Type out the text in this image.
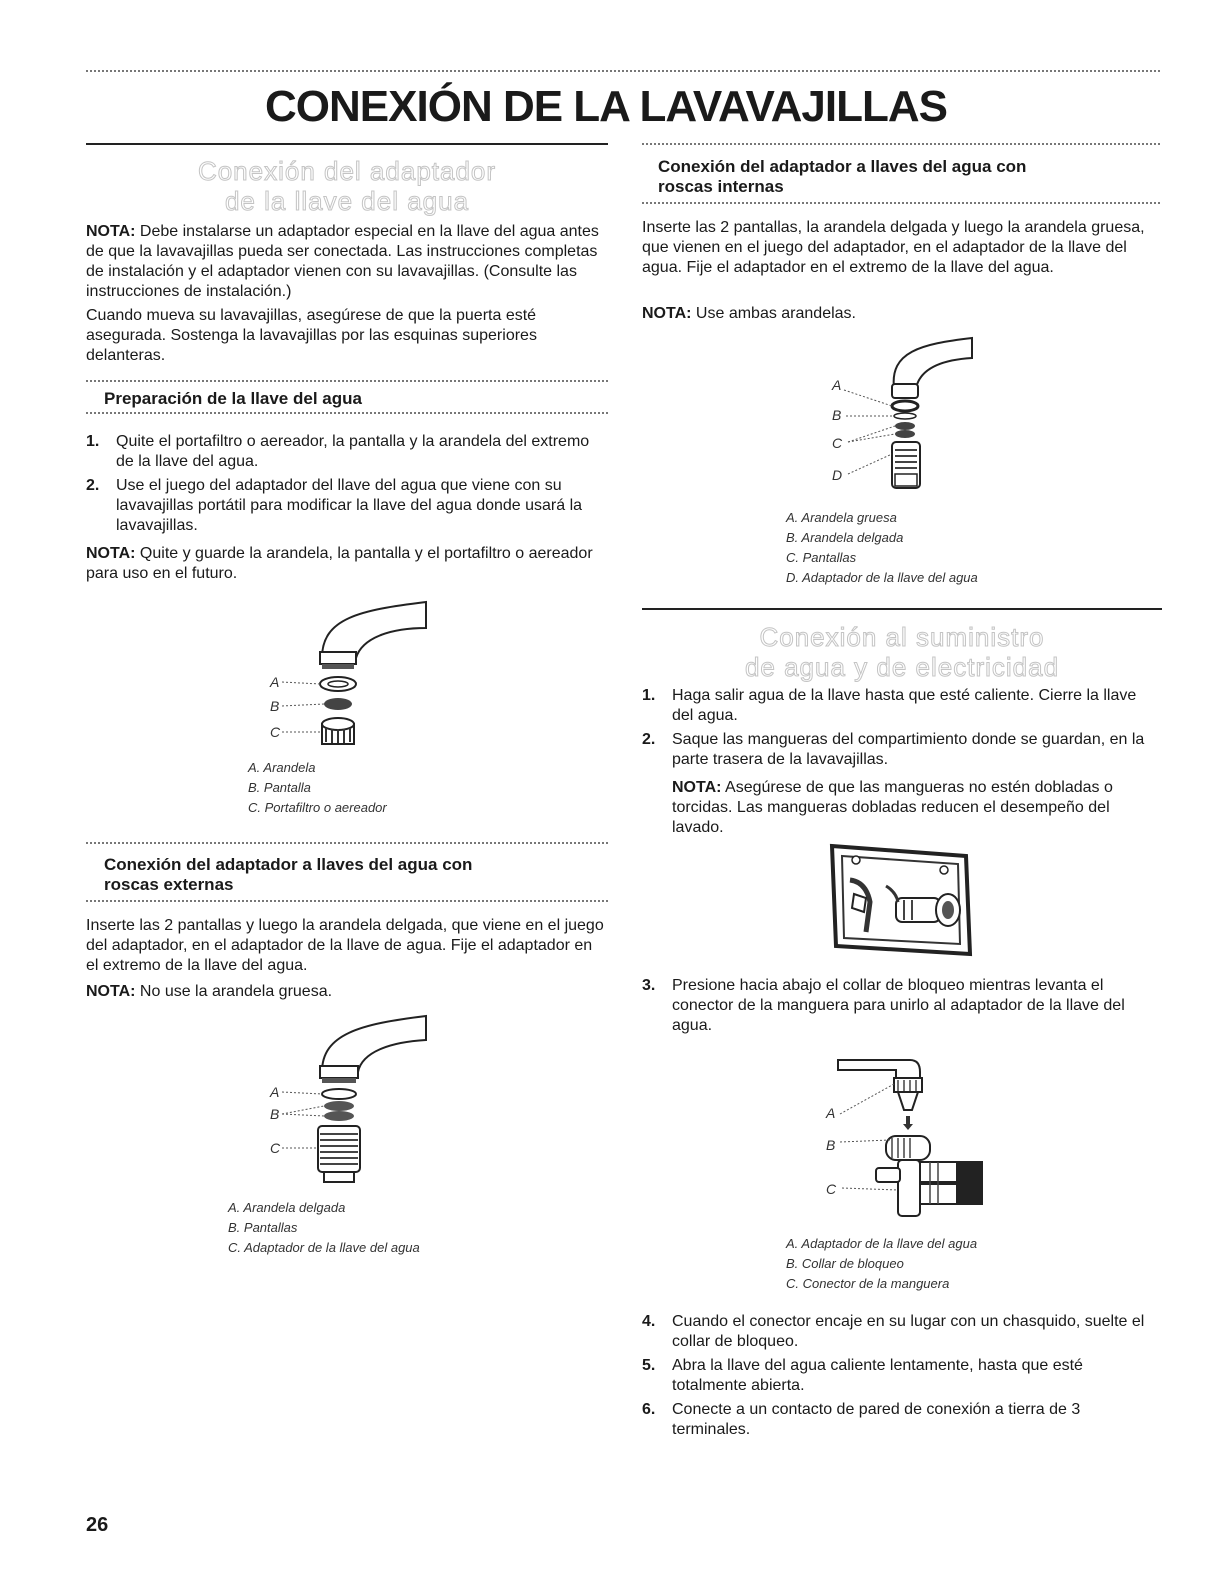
CONEXIÓN DE LA LAVAVAJILLAS
Conexión del adaptador
de la llave del agua

NOTA: Debe instalarse un adaptador especial en la llave del agua antes de que la lavavajillas pueda ser conectada. Las instrucciones completas de instalación y el adaptador vienen con su lavavajillas. (Consulte las instrucciones de instalación.)

Cuando mueva su lavavajillas, asegúrese de que la puerta esté asegurada. Sostenga la lavavajillas por las esquinas superiores delanteras.

Preparación de la llave del agua
1. Quite el portafiltro o aereador, la pantalla y la arandela del extremo de la llave del agua.
2. Use el juego del adaptador del llave del agua que viene con su lavavajillas portátil para modificar la llave del agua donde usará la lavavajillas.

NOTA: Quite y guarde la arandela, la pantalla y el portafiltro o aereador para uso en el futuro.

A
B
C
A. Arandela
B. Pantalla
C. Portafiltro o aereador
Conexión del adaptador a llaves del agua con
roscas externas

Inserte las 2 pantallas y luego la arandela delgada, que viene en el juego del adaptador, en el adaptador de la llave de agua. Fije el adaptador en el extremo de la llave del agua.

NOTA: No use la arandela gruesa.

A
B
C
A. Arandela delgada
B. Pantallas
C. Adaptador de la llave del agua
Conexión del adaptador a llaves del agua con
roscas internas

Inserte las 2 pantallas, la arandela delgada y luego la arandela gruesa, que vienen en el juego del adaptador, en el adaptador de la llave del agua. Fije el adaptador en el extremo de la llave del agua.

NOTA: Use ambas arandelas.

A
B
C
D
A. Arandela gruesa
B. Arandela delgada
C. Pantallas
D. Adaptador de la llave del agua
Conexión al suministro
de agua y de electricidad
1. Haga salir agua de la llave hasta que esté caliente. Cierre la llave del agua.
2. Saque las mangueras del compartimiento donde se guardan, en la parte trasera de la lavavajillas.

NOTA: Asegúrese de que las mangueras no estén dobladas o torcidas. Las mangueras dobladas reducen el desempeño del lavado.

3. Presione hacia abajo el collar de bloqueo mientras levanta el conector de la manguera para unirlo al adaptador de la llave del agua.
A
B
C
A. Adaptador de la llave del agua
B. Collar de bloqueo
C. Conector de la manguera
4. Cuando el conector encaje en su lugar con un chasquido, suelte el collar de bloqueo.
5. Abra la llave del agua caliente lentamente, hasta que esté totalmente abierta.
6. Conecte a un contacto de pared de conexión a tierra de 3 terminales.
26
